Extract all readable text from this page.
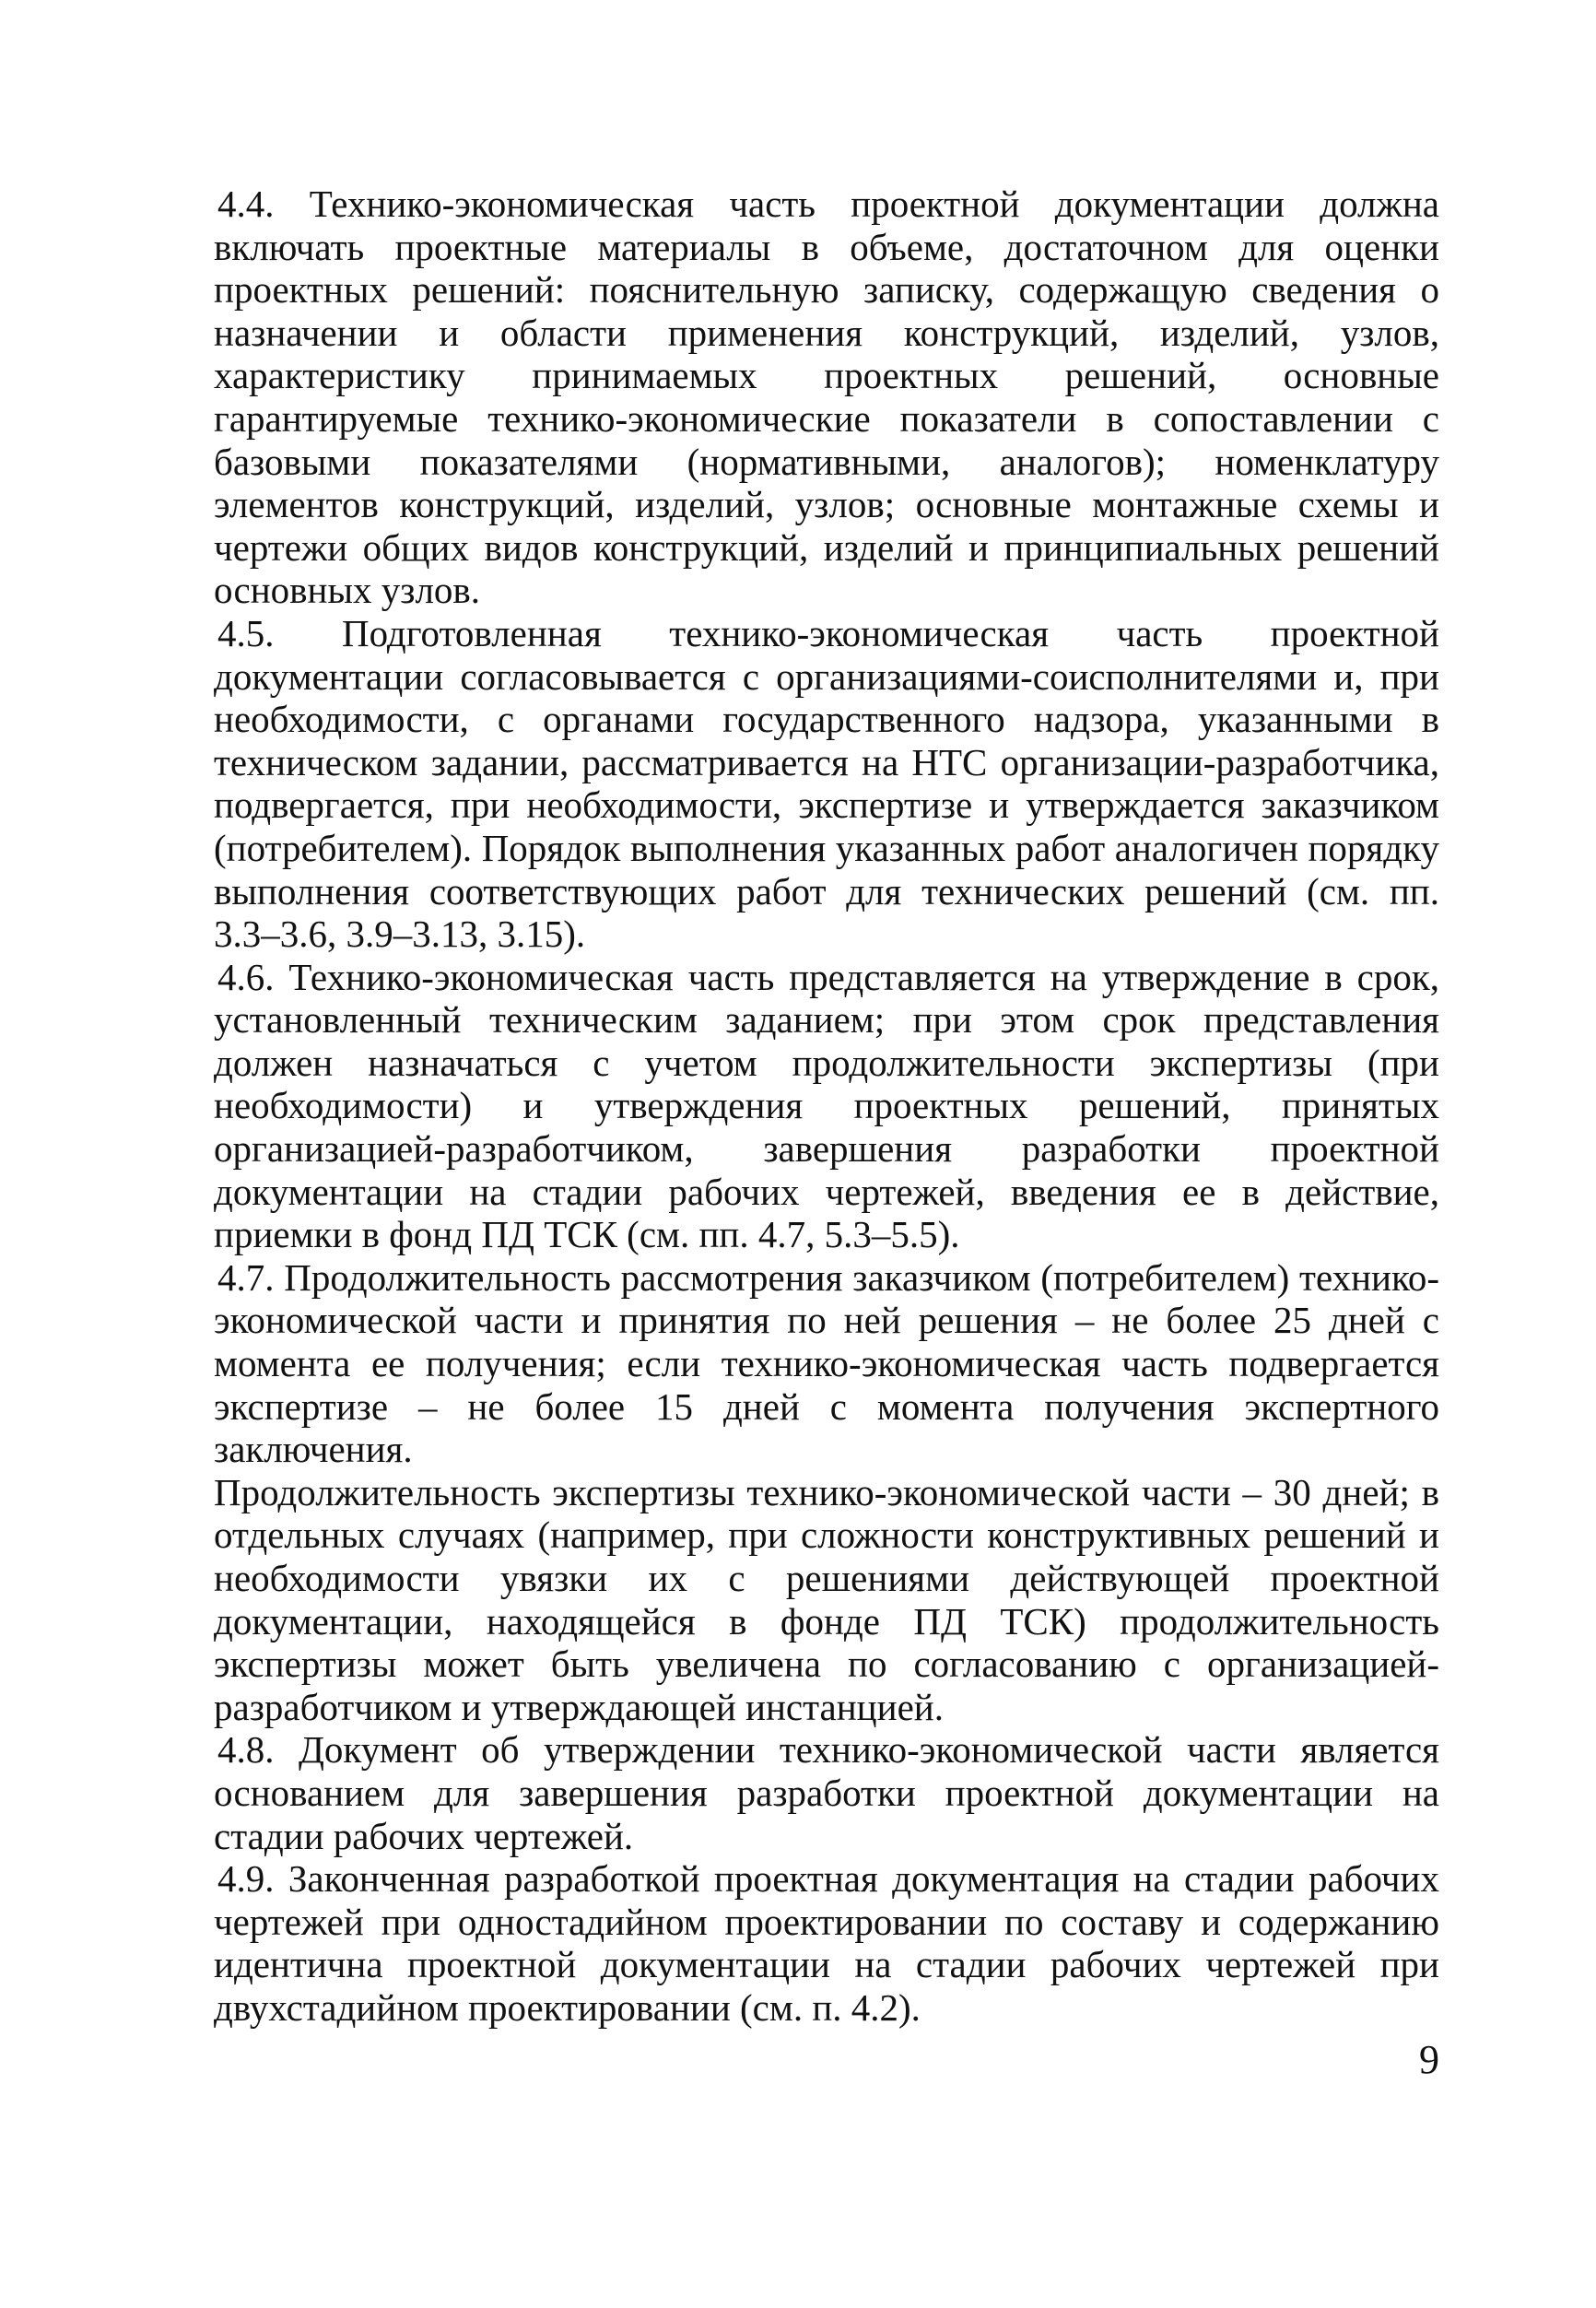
4.4. Технико-экономическая часть проектной документации должна включать проектные материалы в объеме, достаточном для оценки проектных решений: пояснительную записку, содержащую сведения о назначении и области применения конструкций, изделий, узлов, характеристику принимаемых проектных решений, основные гарантируемые технико-экономические показатели в сопоставлении с базовыми показателями (нормативными, аналогов); номенклатуру элементов конструкций, изделий, узлов; основные монтажные схемы и чертежи общих видов конструкций, изделий и принципиальных решений основных узлов.

4.5. Подготовленная технико-экономическая часть проектной документации согласовывается с организациями-соисполнителями и, при необходимости, с органами государственного надзора, указанными в техническом задании, рассматривается на НТС организации-разработчика, подвергается, при необходимости, экспертизе и утверждается заказчиком (потребителем). Порядок выполнения указанных работ аналогичен порядку выполнения соответствующих работ для технических решений (см. пп. 3.3–3.6, 3.9–3.13, 3.15).

4.6. Технико-экономическая часть представляется на утверждение в срок, установленный техническим заданием; при этом срок представления должен назначаться с учетом продолжительности экспертизы (при необходимости) и утверждения проектных решений, принятых организацией-разработчиком, завершения разработки проектной документации на стадии рабочих чертежей, введения ее в действие, приемки в фонд ПД ТСК (см. пп. 4.7, 5.3–5.5).

4.7. Продолжительность рассмотрения заказчиком (потребителем) технико-экономической части и принятия по ней решения – не более 25 дней с момента ее получения; если технико-экономическая часть подвергается экспертизе – не более 15 дней с момента получения экспертного заключения.

Продолжительность экспертизы технико-экономической части – 30 дней; в отдельных случаях (например, при сложности конструктивных решений и необходимости увязки их с решениями действующей проектной документации, находящейся в фонде ПД ТСК) продолжительность экспертизы может быть увеличена по согласованию с организацией-разработчиком и утверждающей инстанцией.

4.8. Документ об утверждении технико-экономической части является основанием для завершения разработки проектной документации на стадии рабочих чертежей.

4.9. Законченная разработкой проектная документация на стадии рабочих чертежей при одностадийном проектировании по составу и содержанию идентична проектной документации на стадии рабочих чертежей при двухстадийном проектировании (см. п. 4.2).

9
